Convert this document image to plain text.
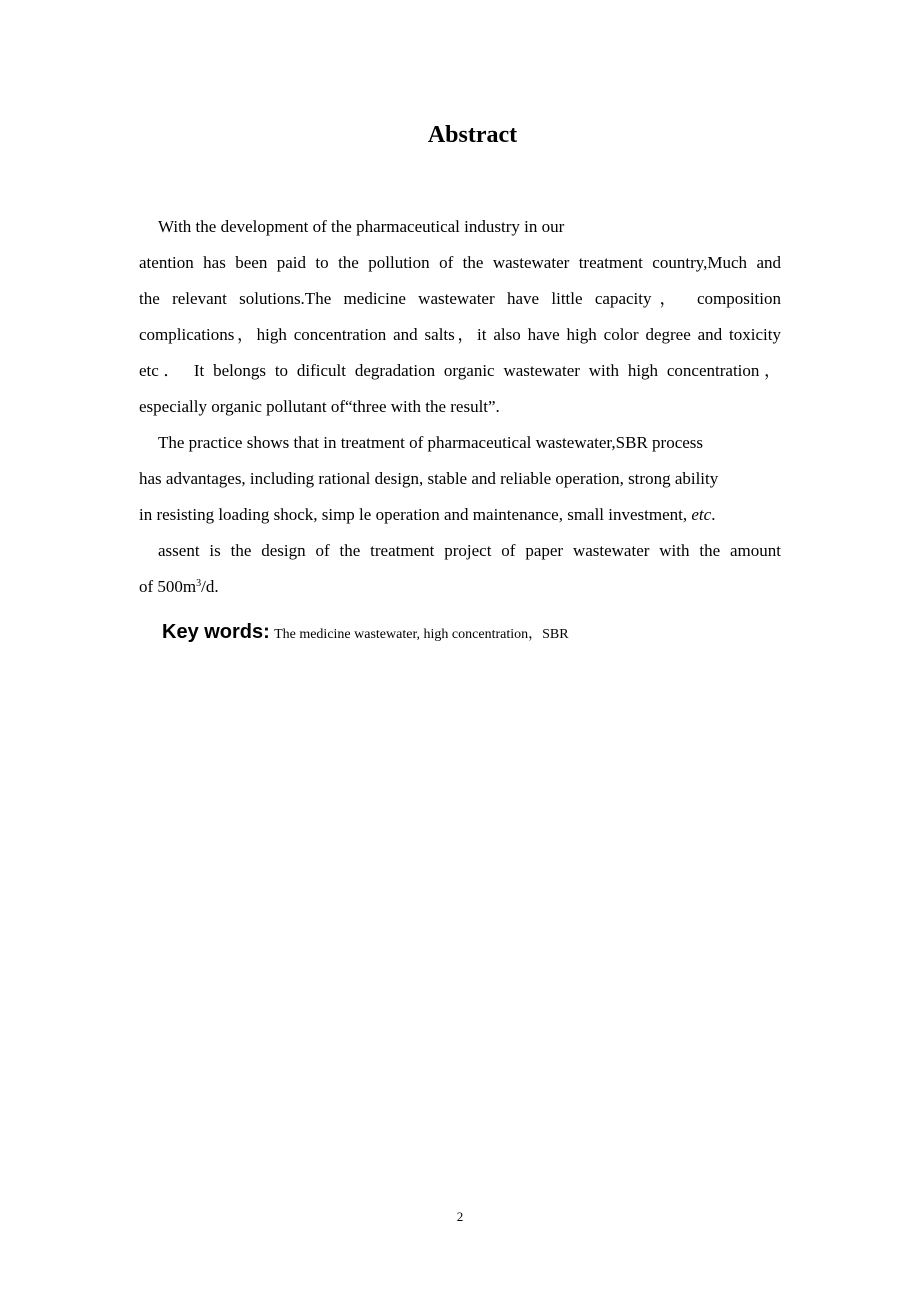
Abstract
With the development of the pharmaceutical industry in our
atention has been paid to the pollution of the wastewater treatment country,Much and
the relevant solutions.The medicine wastewater have little capacity， composition
complications，high concentration and salts，it also have high color degree and toxicity
etc． It belongs to dificult degradation organic wastewater with high concentration，
especially organic pollutant of“three with the result”.
The practice shows that in treatment of pharmaceutical wastewater,SBR process
has advantages, including rational design, stable and reliable operation, strong ability
in resisting loading shock, simp le operation and maintenance, small investment, etc.
assent is the design of the treatment project of paper wastewater with the amount
of $500m^3/d$.
Key words: The medicine wastewater, high concentration，SBR
2
